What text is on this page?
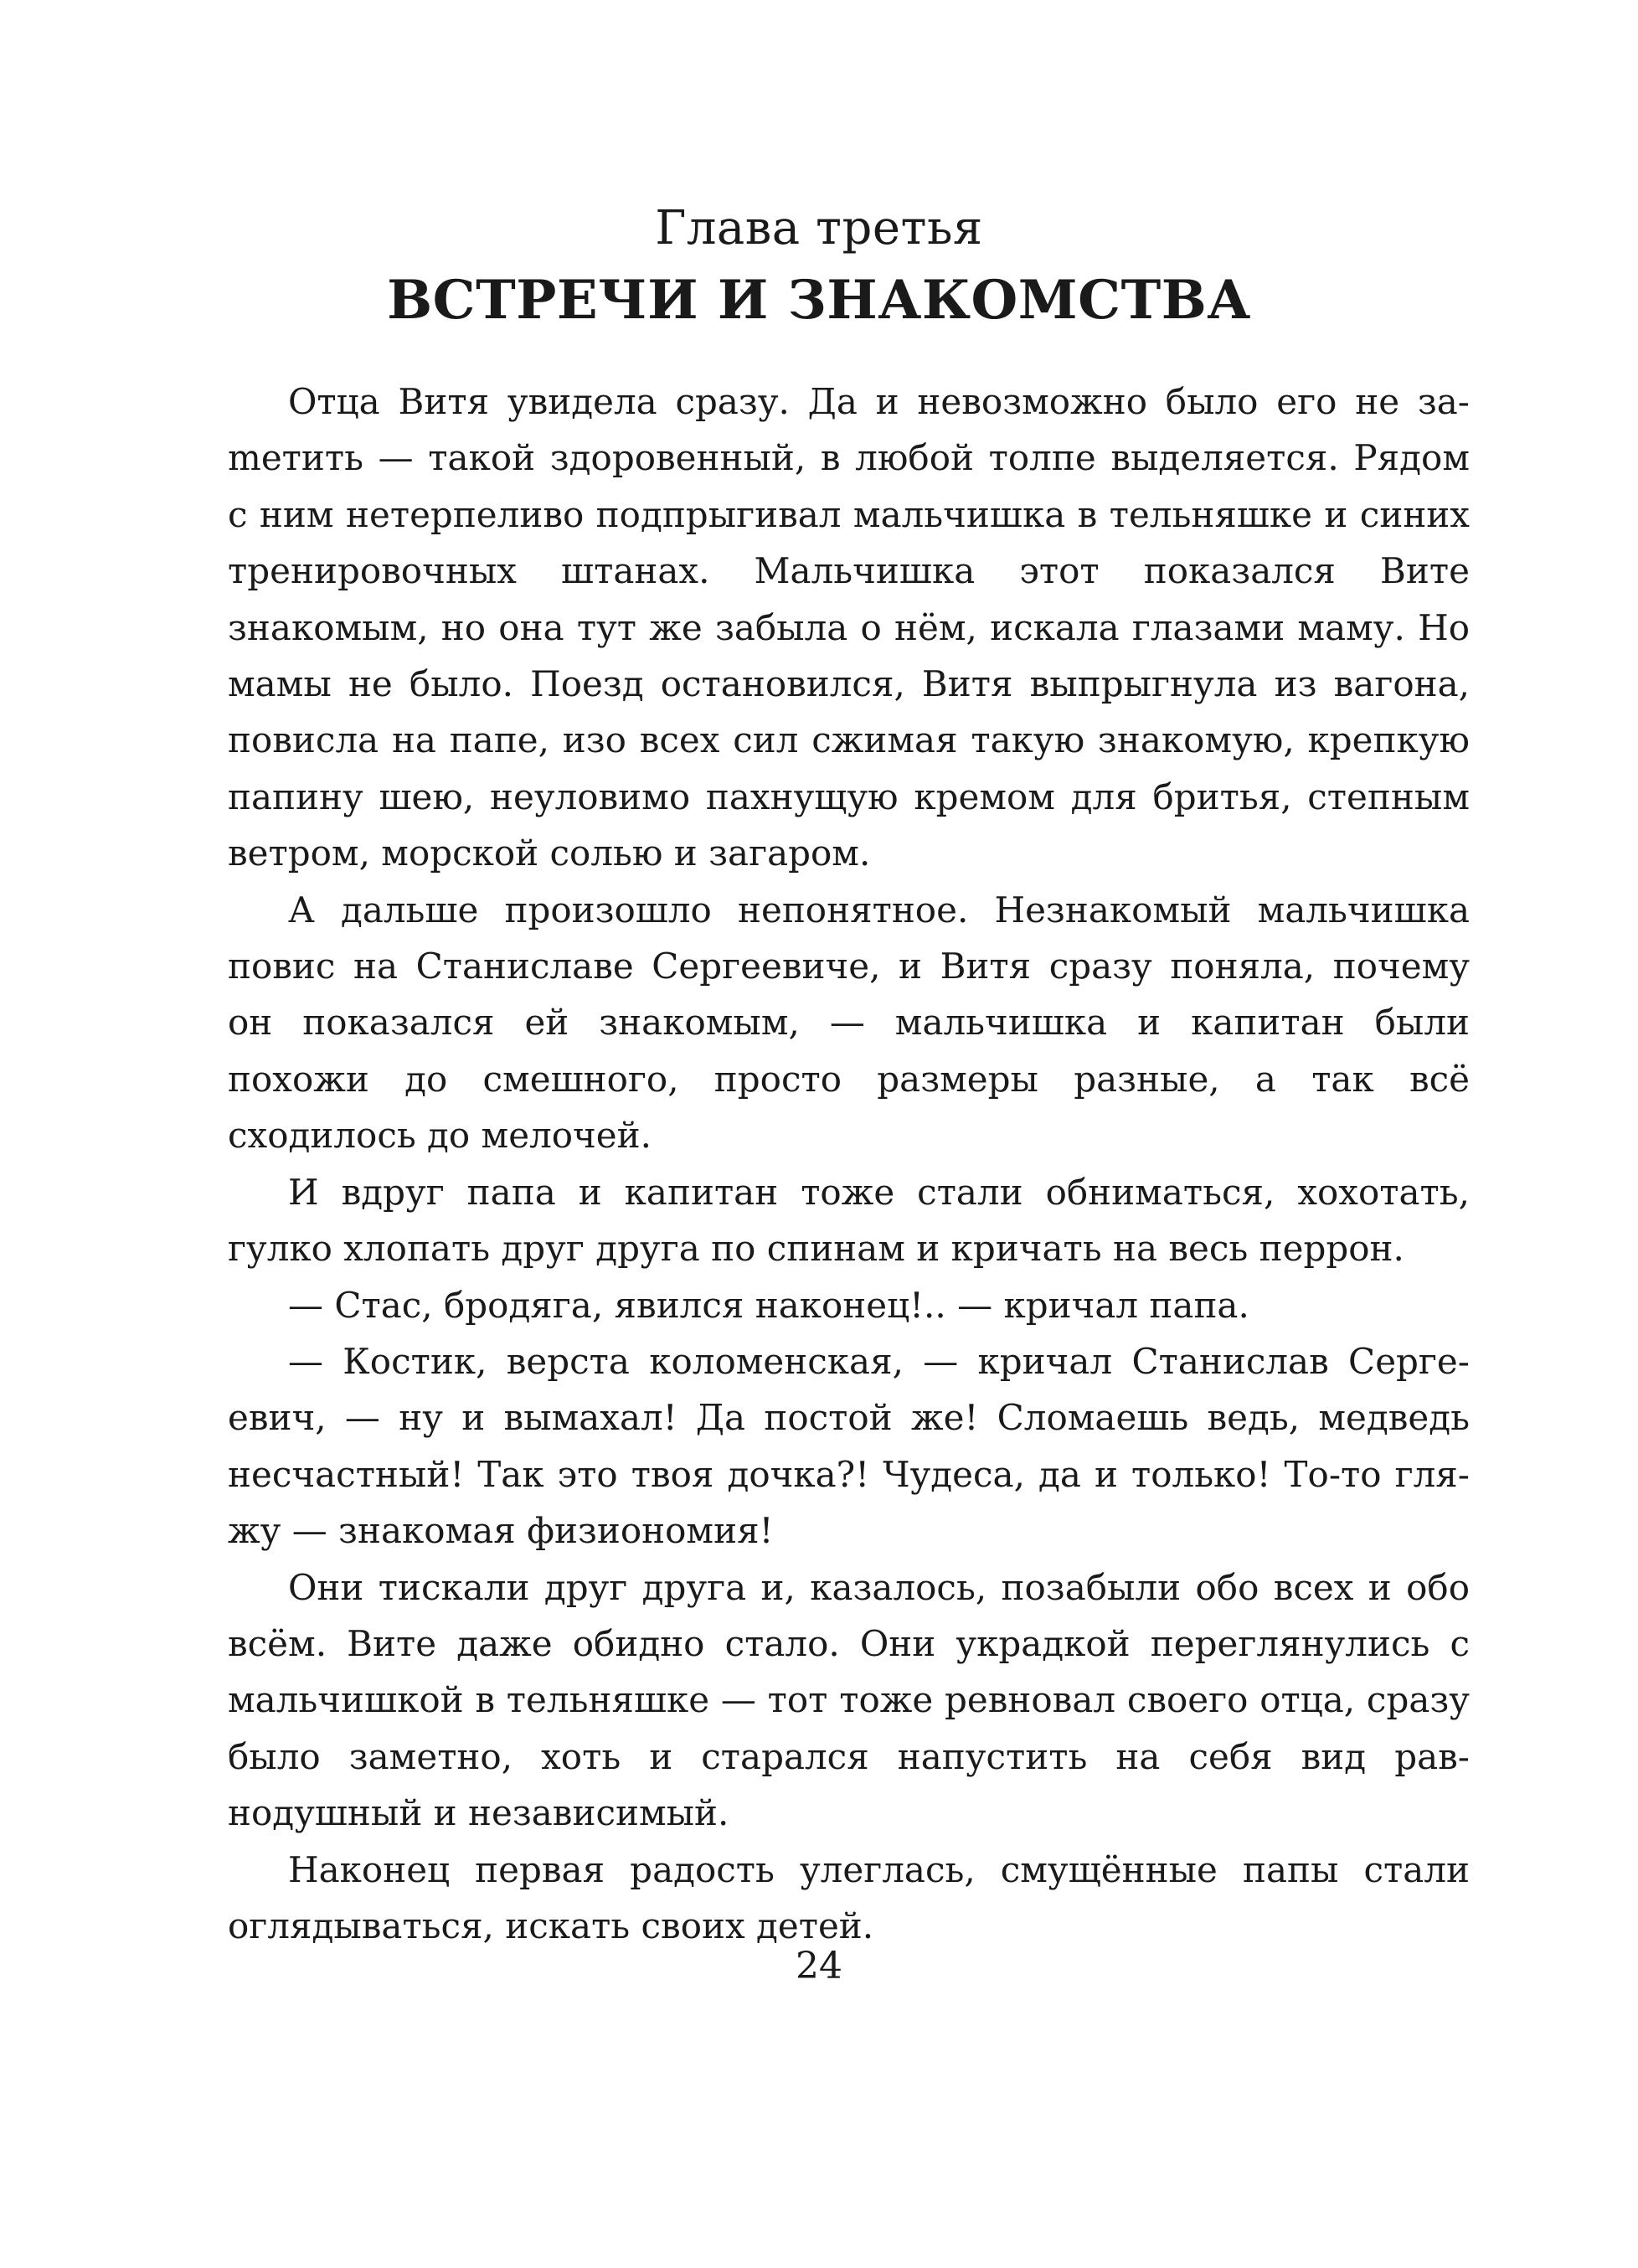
Глава третья
ВСТРЕЧИ И ЗНАКОМСТВА

Отца Витя увидела сразу. Да и невозможно было его не заmетить — такой здоровенный, в любой толпе выделяется. Рядом с ним нетерпеливо подпрыгивал мальчишка в тельняшке и синих тренировочных штанах. Мальчишка этот показался Вите знакомым, но она тут же забыла о нём, искала глазами маму. Но мамы не было. Поезд остановился, Витя выпрыгнула из вагона, повисла на папе, изо всех сил сжимая такую знакомую, крепкую папину шею, неуловимо пахнущую кремом для бритья, степным ветром, морской солью и загаром.

А дальше произошло непонятное. Незнакомый мальчишка повис на Станиславе Сергеевиче, и Витя сразу поняла, почему он показался ей знакомым, — мальчишка и капитан были похожи до смешного, просто размеры разные, а так всё сходилось до мелочей.

И вдруг папа и капитан тоже стали обниматься, хохотать, гулко хлопать друг друга по спинам и кричать на весь перрон.

— Стас, бродяга, явился наконец!.. — кричал папа.

— Костик, верста коломенская, — кричал Станислав Сергеевич, — ну и вымахал! Да постой же! Сломаешь ведь, медведь несчастный! Так это твоя дочка?! Чудеса, да и только! То-то гляжу — знакомая физиономия!

Они тискали друг друга и, казалось, позабыли обо всех и обо всём. Вите даже обидно стало. Они украдкой переглянулись с мальчишкой в тельняшке — тот тоже ревновал своего отца, сразу было заметно, хоть и старался напустить на себя вид равнодушный и независимый.

Наконец первая радость улеглась, смущённые папы стали оглядываться, искать своих детей.

24
